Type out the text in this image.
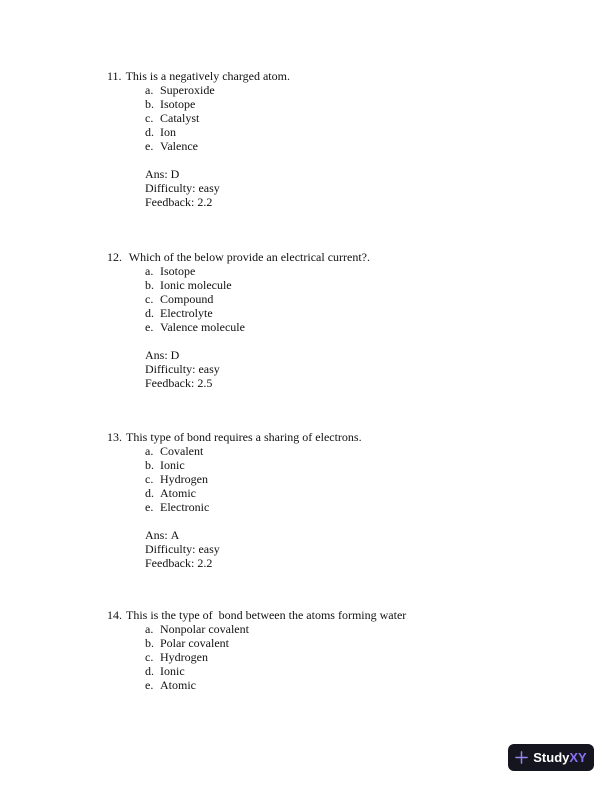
11. This is a negatively charged atom.
a. Superoxide
b. Isotope
c. Catalyst
d. Ion
e. Valence
Ans: D
Difficulty: easy
Feedback: 2.2
12. Which of the below provide an electrical current?.
a. Isotope
b. Ionic molecule
c. Compound
d. Electrolyte
e. Valence molecule
Ans: D
Difficulty: easy
Feedback: 2.5
13. This type of bond requires a sharing of electrons.
a. Covalent
b. Ionic
c. Hydrogen
d. Atomic
e. Electronic
Ans: A
Difficulty: easy
Feedback: 2.2
14. This is the type of  bond between the atoms forming water
a. Nonpolar covalent
b. Polar covalent
c. Hydrogen
d. Ionic
e. Atomic
StudyXY
